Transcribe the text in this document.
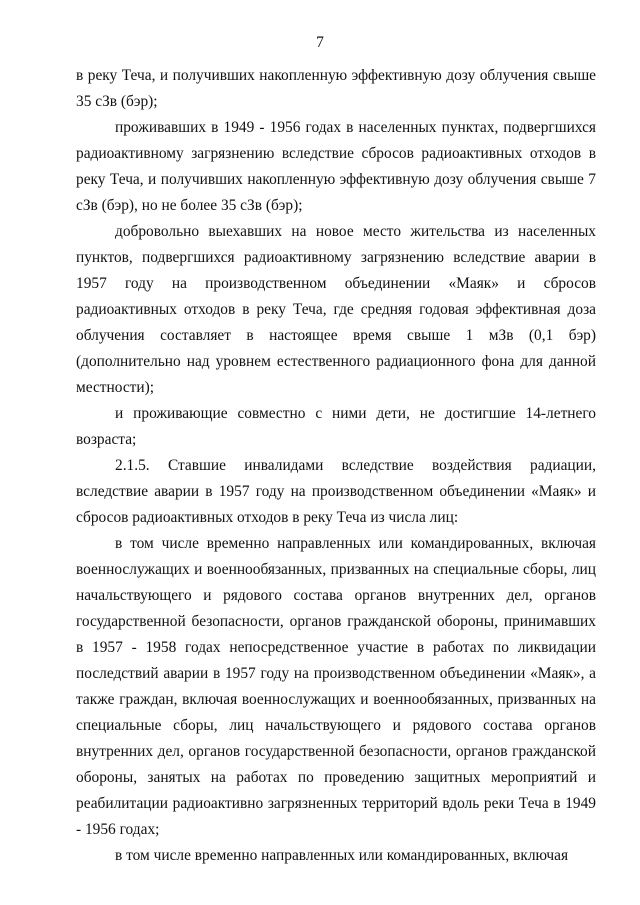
7

в реку Теча, и получивших накопленную эффективную дозу облучения свыше 35 сЗв (бэр);

проживавших в 1949 - 1956 годах в населенных пунктах, подвергшихся радиоактивному загрязнению вследствие сбросов радиоактивных отходов в реку Теча, и получивших накопленную эффективную дозу облучения свыше 7 сЗв (бэр), но не более 35 сЗв (бэр);

добровольно выехавших на новое место жительства из населенных пунктов, подвергшихся радиоактивному загрязнению вследствие аварии в 1957 году на производственном объединении «Маяк» и сбросов радиоактивных отходов в реку Теча, где средняя годовая эффективная доза облучения составляет в настоящее время свыше 1 мЗв (0,1 бэр) (дополнительно над уровнем естественного радиационного фона для данной местности);

и проживающие совместно с ними дети, не достигшие 14-летнего возраста;

2.1.5. Ставшие инвалидами вследствие воздействия радиации, вследствие аварии в 1957 году на производственном объединении «Маяк» и сбросов радиоактивных отходов в реку Теча из числа лиц:

в том числе временно направленных или командированных, включая военнослужащих и военнообязанных, призванных на специальные сборы, лиц начальствующего и рядового состава органов внутренних дел, органов государственной безопасности, органов гражданской обороны, принимавших в 1957 - 1958 годах непосредственное участие в работах по ликвидации последствий аварии в 1957 году на производственном объединении «Маяк», а также граждан, включая военнослужащих и военнообязанных, призванных на специальные сборы, лиц начальствующего и рядового состава органов внутренних дел, органов государственной безопасности, органов гражданской обороны, занятых на работах по проведению защитных мероприятий и реабилитации радиоактивно загрязненных территорий вдоль реки Теча в 1949 - 1956 годах;

в том числе временно направленных или командированных, включая
